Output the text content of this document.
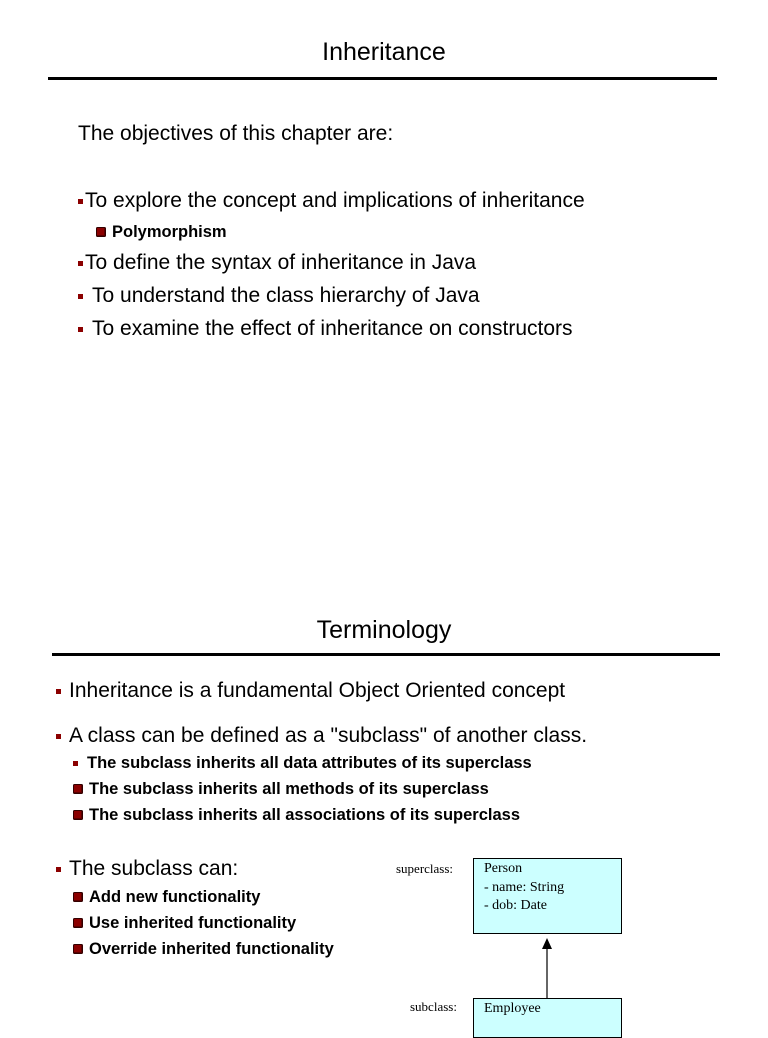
Inheritance
The objectives of this chapter are:
To explore the concept and implications of inheritance
Polymorphism
To define the syntax of inheritance in Java
To understand the class hierarchy of Java
To examine the effect of inheritance on constructors
Terminology
Inheritance is a fundamental Object Oriented concept
A class can be defined as a "subclass" of another class.
The subclass inherits all data attributes of its superclass
The subclass inherits all methods of its superclass
The subclass inherits all associations of its superclass
The subclass can:
Add new functionality
Use inherited functionality
Override inherited functionality
superclass: Person
- name: String
- dob: Date
subclass: Employee
